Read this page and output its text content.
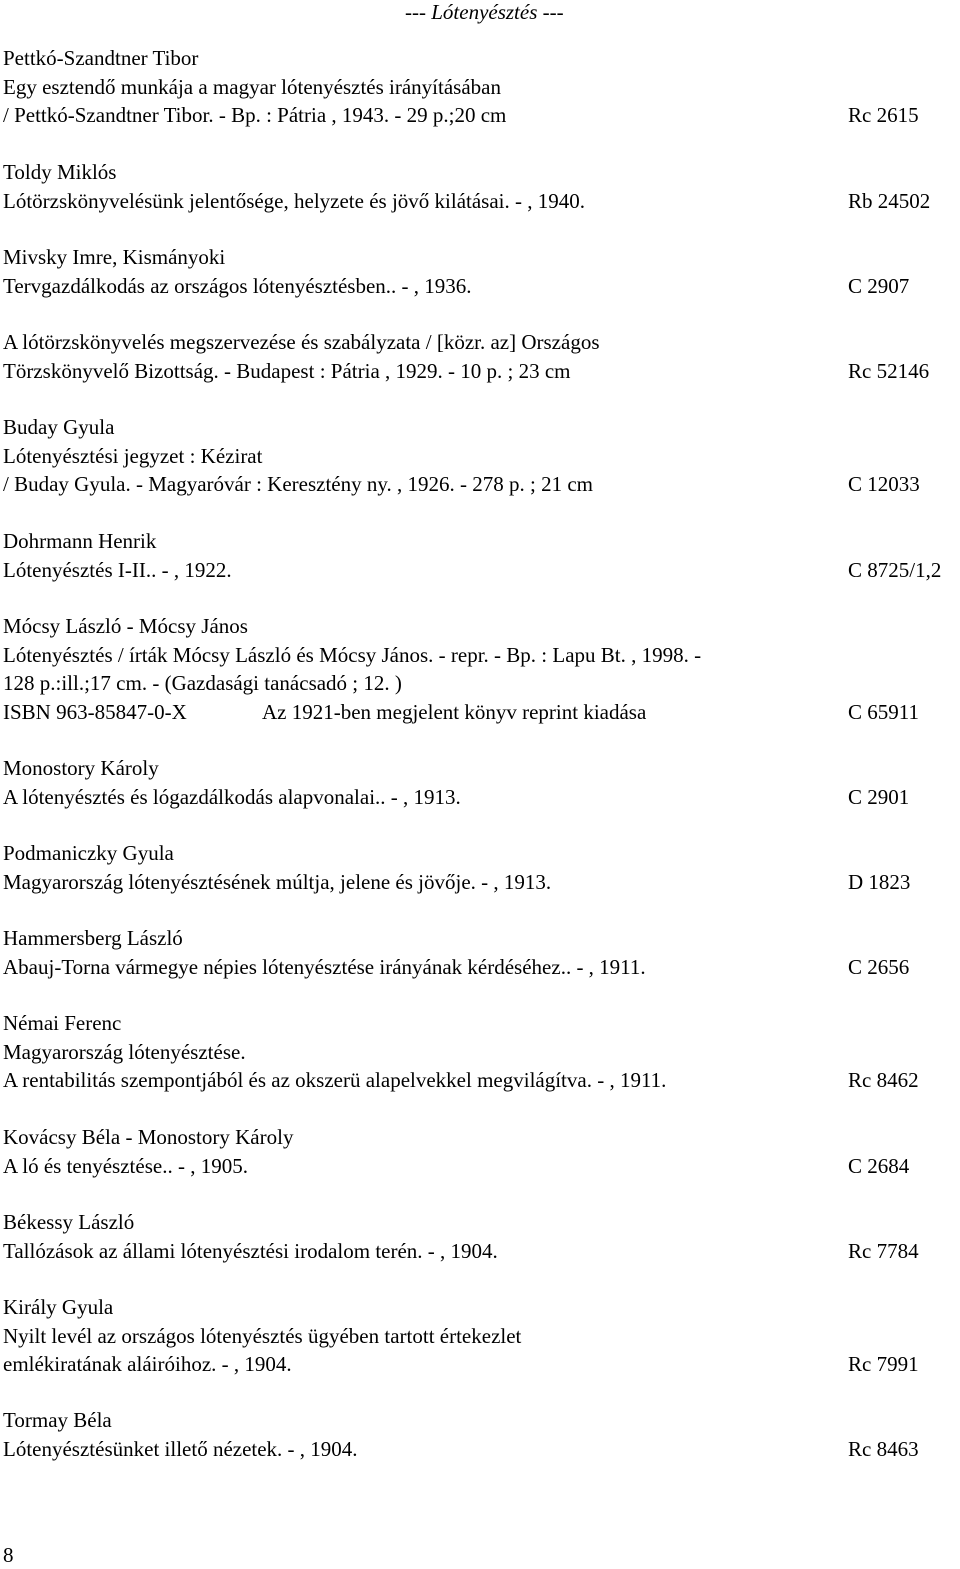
--- Lótenyésztés ---
Pettkó-Szandtner Tibor
Egy esztendő munkája a magyar lótenyésztés irányításában
/ Pettkó-Szandtner Tibor. - Bp. : Pátria , 1943. - 29 p.;20 cm	Rc 2615
Toldy Miklós
Lótörzskönyvelésünk jelentősége, helyzete és jövő kilátásai. - , 1940.	Rb 24502
Mivsky Imre, Kismányoki
Tervgazdálkodás az országos lótenyésztésben.. - , 1936.	C 2907
A lótörzskönyvelés megszervezése és szabályzata / [közr. az] Országos
Törzskönyvelő Bizottság. - Budapest : Pátria , 1929. - 10 p. ; 23 cm	Rc 52146
Buday Gyula
Lótenyésztési jegyzet : Kézirat
/ Buday Gyula. - Magyaróvár : Keresztény ny. , 1926. - 278 p. ; 21 cm	C 12033
Dohrmann Henrik
Lótenyésztés I-II.. - , 1922.	C 8725/1,2
Mócsy László - Mócsy János
Lótenyésztés / írták Mócsy László és Mócsy János. - repr. - Bp. : Lapu Bt. , 1998. -
128 p.:ill.;17 cm. - (Gazdasági tanácsadó ; 12. )
ISBN 963-85847-0-X	Az 1921-ben megjelent könyv reprint kiadása	C 65911
Monostory Károly
A lótenyésztés és lógazdálkodás alapvonalai.. - , 1913.	C 2901
Podmaniczky Gyula
Magyarország lótenyésztésének múltja, jelene és jövője. - , 1913.	D 1823
Hammersberg László
Abauj-Torna vármegye népies lótenyésztése irányának kérdéséhez.. - , 1911.	C 2656
Némai Ferenc
Magyarország lótenyésztése.
A rentabilitás szempontjából és az okszerü alapelvekkel megvilágítva. - , 1911.	Rc 8462
Kovácsy Béla - Monostory Károly
A ló és tenyésztése.. - , 1905.	C 2684
Békessy László
Tallózások az állami lótenyésztési irodalom terén. - , 1904.	Rc 7784
Király Gyula
Nyilt levél az országos lótenyésztés ügyében tartott értekezlet
emlékiratának aláiróihoz. - , 1904.	Rc 7991
Tormay Béla
Lótenyésztésünket illető nézetek. - , 1904.	Rc 8463
8
